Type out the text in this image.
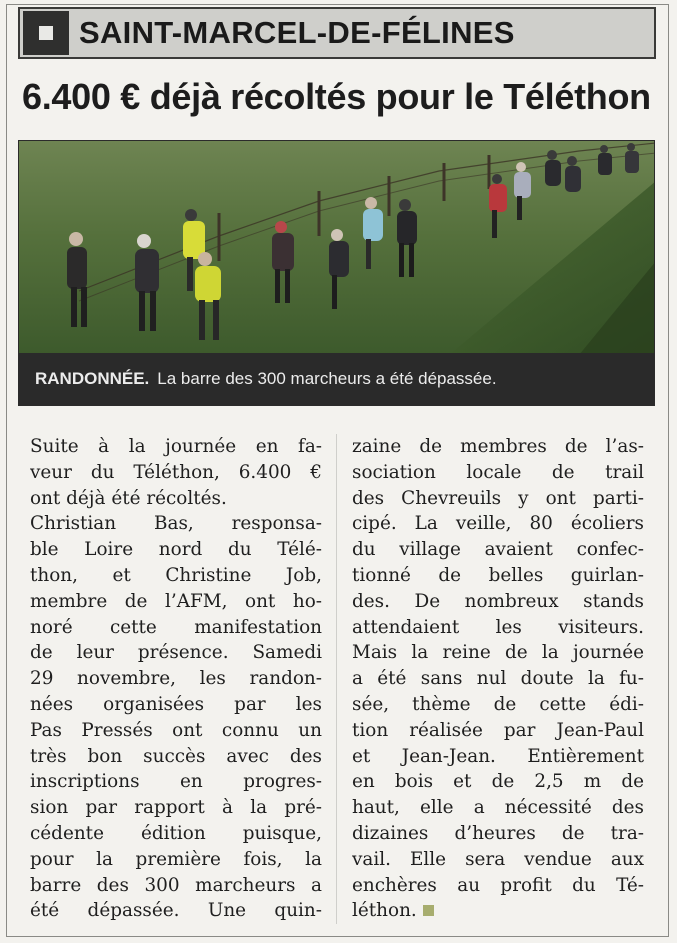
SAINT-MARCEL-DE-FÉLINES
6.400 € déjà récoltés pour le Téléthon
RANDONNÉE. La barre des 300 marcheurs a été dépassée.
Suite à la journée en fa-
veur du Téléthon, 6.400 €
ont déjà été récoltés.
Christian Bas, responsa-
ble Loire nord du Télé-
thon, et Christine Job,
membre de l’AFM, ont ho-
noré cette manifestation
de leur présence. Samedi
29 novembre, les randon-
nées organisées par les
Pas Pressés ont connu un
très bon succès avec des
inscriptions en progres-
sion par rapport à la pré-
cédente édition puisque,
pour la première fois, la
barre des 300 marcheurs a
été dépassée. Une quin-
zaine de membres de l’as-
sociation locale de trail
des Chevreuils y ont parti-
cipé. La veille, 80 écoliers
du village avaient confec-
tionné de belles guirlan-
des. De nombreux stands
attendaient les visiteurs.
Mais la reine de la journée
a été sans nul doute la fu-
sée, thème de cette édi-
tion réalisée par Jean-Paul
et Jean-Jean. Entièrement
en bois et de 2,5 m de
haut, elle a nécessité des
dizaines d’heures de tra-
vail. Elle sera vendue aux
enchères au profit du Té-
léthon.
